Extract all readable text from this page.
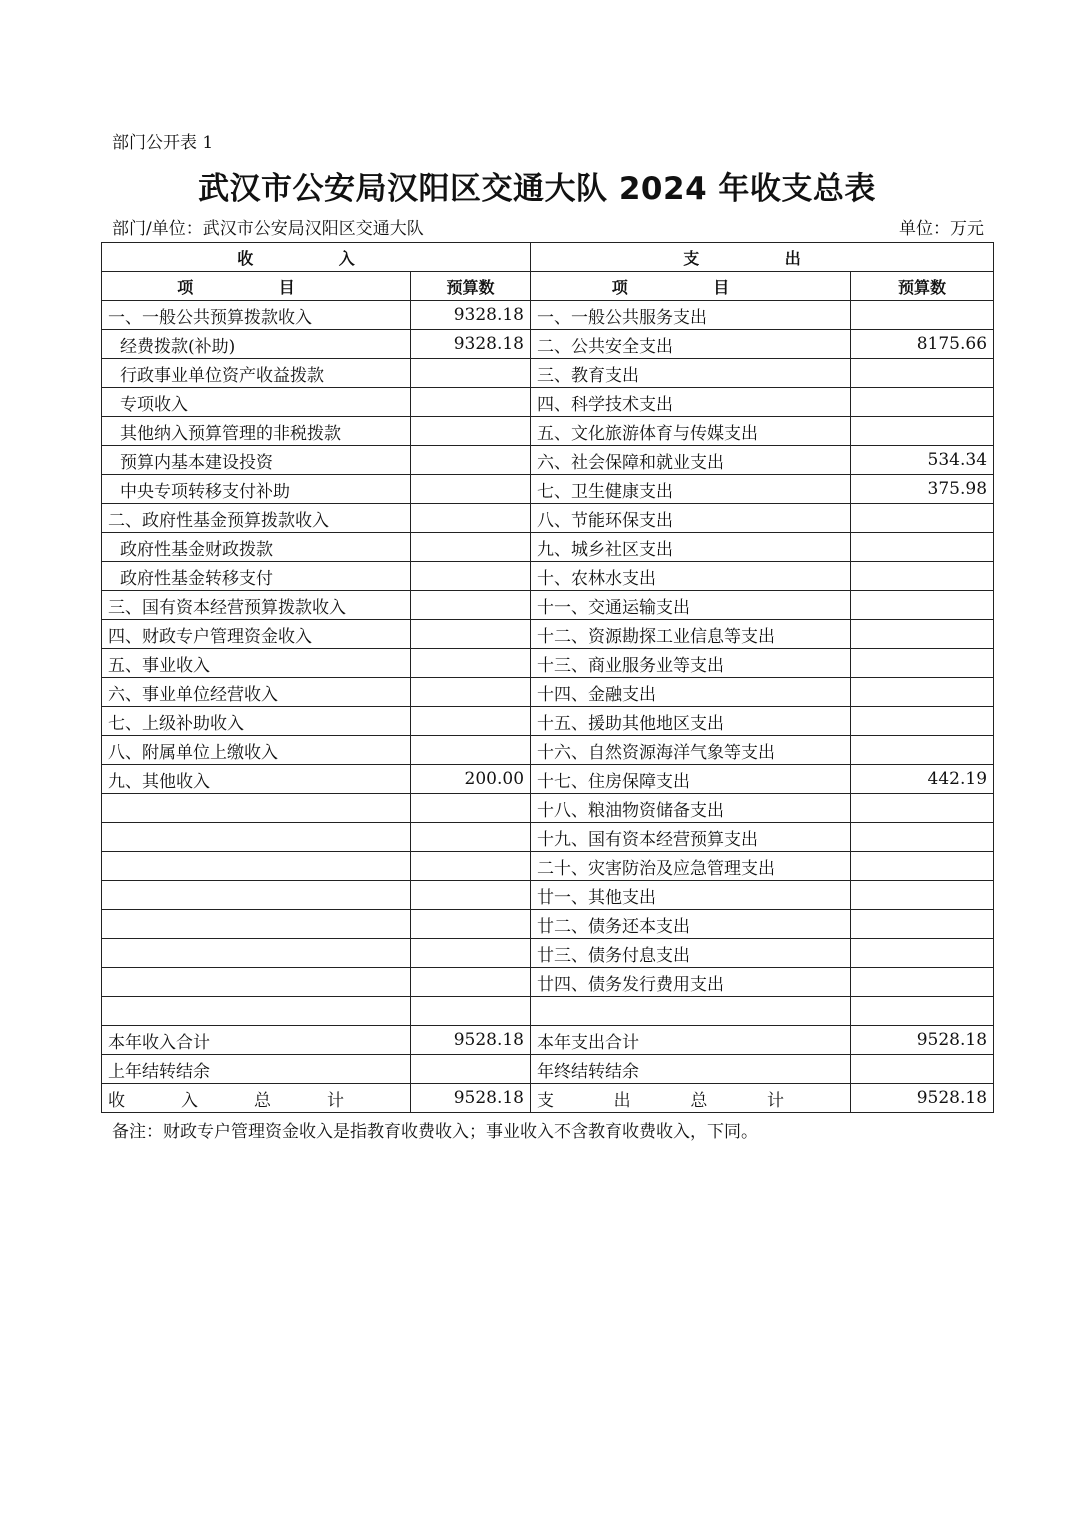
部门公开表 1
武汉市公安局汉阳区交通大队 2024 年收支总表
部门/单位：武汉市公安局汉阳区交通大队	单位：万元
收 入		支 出	
项 目	预算数	项 目	预算数
一、一般公共预算拨款收入	9328.18	一、一般公共服务支出	
经费拨款(补助)	9328.18	二、公共安全支出	8175.66
行政事业单位资产收益拨款		三、教育支出	
专项收入		四、科学技术支出	
其他纳入预算管理的非税拨款		五、文化旅游体育与传媒支出	
预算内基本建设投资		六、社会保障和就业支出	534.34
中央专项转移支付补助		七、卫生健康支出	375.98
二、政府性基金预算拨款收入		八、节能环保支出	
政府性基金财政拨款		九、城乡社区支出	
政府性基金转移支付		十、农林水支出	
三、国有资本经营预算拨款收入		十一、交通运输支出	
四、财政专户管理资金收入		十二、资源勘探工业信息等支出	
五、事业收入		十三、商业服务业等支出	
六、事业单位经营收入		十四、金融支出	
七、上级补助收入		十五、援助其他地区支出	
八、附属单位上缴收入		十六、自然资源海洋气象等支出	
九、其他收入	200.00	十七、住房保障支出	442.19
		十八、粮油物资储备支出	
		十九、国有资本经营预算支出	
		二十、灾害防治及应急管理支出	
		廿一、其他支出	
		廿二、债务还本支出	
		廿三、债务付息支出	
		廿四、债务发行费用支出	

本年收入合计	9528.18	本年支出合计	9528.18
上年结转结余		年终结转结余	

收 入 总 计	9528.18	支 出 总 计	9528.18
备注：财政专户管理资金收入是指教育收费收入；事业收入不含教育收费收入，下同。
